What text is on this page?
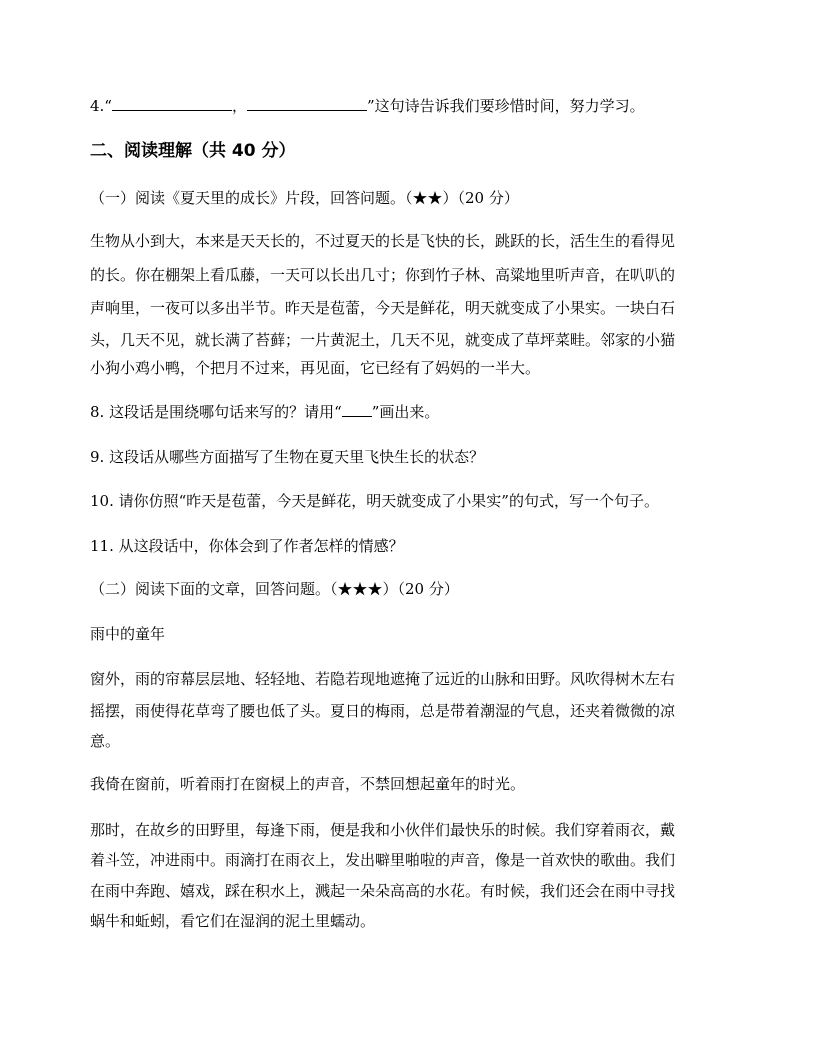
4.“	，	”这句诗告诉我们要珍惜时间，努力学习。
二、阅读理解（共 40 分）
（一）阅读《夏天里的成长》片段，回答问题。（★★）（20 分）
生物从小到大，本来是天天长的，不过夏天的长是飞快的长，跳跃的长，活生生的看得见
的长。你在棚架上看瓜藤，一天可以长出几寸；你到竹子林、高粱地里听声音，在叭叭的
声响里，一夜可以多出半节。昨天是苞蕾，今天是鲜花，明天就变成了小果实。一块白石
头，几天不见，就长满了苔藓；一片黄泥土，几天不见，就变成了草坪菜畦。邻家的小猫
小狗小鸡小鸭，个把月不过来，再见面，它已经有了妈妈的一半大。
8. 这段话是围绕哪句话来写的？请用“ ”画出来。
9. 这段话从哪些方面描写了生物在夏天里飞快生长的状态？
10. 请你仿照“昨天是苞蕾，今天是鲜花，明天就变成了小果实”的句式，写一个句子。
11. 从这段话中，你体会到了作者怎样的情感？
（二）阅读下面的文章，回答问题。（★★★）（20 分）
雨中的童年
窗外，雨的帘幕层层地、轻轻地、若隐若现地遮掩了远近的山脉和田野。风吹得树木左右
摇摆，雨使得花草弯了腰也低了头。夏日的梅雨，总是带着潮湿的气息，还夹着微微的凉
意。
我倚在窗前，听着雨打在窗棂上的声音，不禁回想起童年的时光。
那时，在故乡的田野里，每逢下雨，便是我和小伙伴们最快乐的时候。我们穿着雨衣，戴
着斗笠，冲进雨中。雨滴打在雨衣上，发出噼里啪啦的声音，像是一首欢快的歌曲。我们
在雨中奔跑、嬉戏，踩在积水上，溅起一朵朵高高的水花。有时候，我们还会在雨中寻找
蜗牛和蚯蚓，看它们在湿润的泥土里蠕动。
